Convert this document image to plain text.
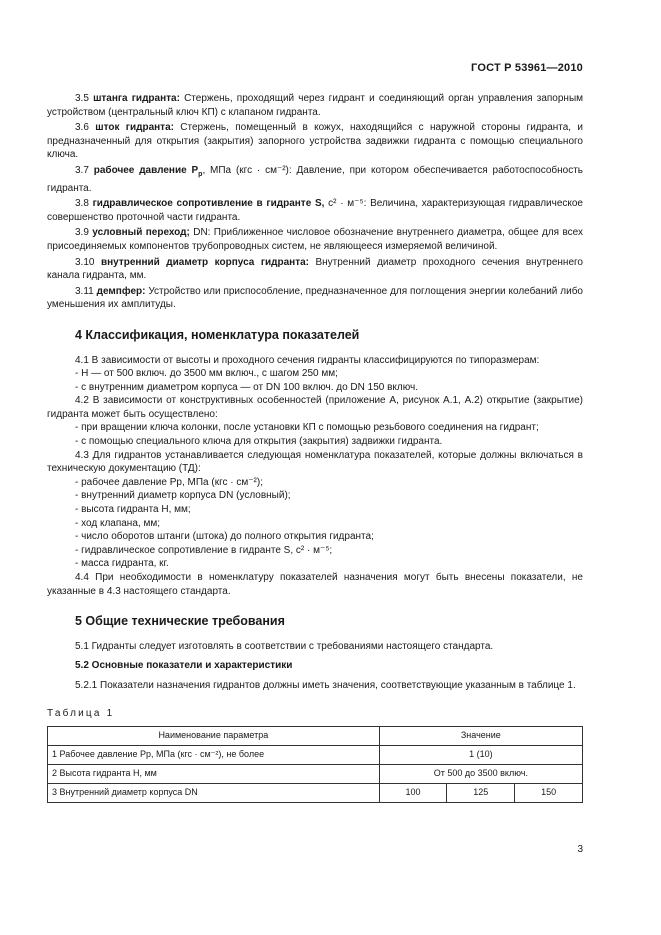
ГОСТ Р 53961—2010

3.5 штанга гидранта: Стержень, проходящий через гидрант и соединяющий орган управления запорным устройством (центральный ключ КП) с клапаном гидранта.

3.6 шток гидранта: Стержень, помещенный в кожух, находящийся с наружной стороны гидранта, и предназначенный для открытия (закрытия) запорного устройства задвижки гидранта с помощью специального ключа.

3.7 рабочее давление $P_р$, МПа (кгс · см⁻²): Давление, при котором обеспечивается работоспособность гидранта.

3.8 гидравлическое сопротивление в гидранте S, с² · м⁻⁵: Величина, характеризующая гидравлическое совершенство проточной части гидранта.

3.9 условный переход; DN: Приближенное числовое обозначение внутреннего диаметра, общее для всех присоединяемых компонентов трубопроводных систем, не являющееся измеряемой величиной.

3.10 внутренний диаметр корпуса гидранта: Внутренний диаметр проходного сечения внутреннего канала гидранта, мм.

3.11 демпфер: Устройство или приспособление, предназначенное для поглощения энергии колебаний либо уменьшения их амплитуды.

4 Классификация, номенклатура показателей

4.1 В зависимости от высоты и проходного сечения гидранты классифицируются по типоразмерам:

- Н — от 500 включ. до 3500 мм включ., с шагом 250 мм;

- с внутренним диаметром корпуса — от DN 100 включ. до DN 150 включ.

4.2 В зависимости от конструктивных особенностей (приложение А, рисунок А.1, А.2) открытие (закрытие) гидранта может быть осуществлено:

- при вращении ключа колонки, после установки КП с помощью резьбового соединения на гидрант;

- с помощью специального ключа для открытия (закрытия) задвижки гидранта.

4.3 Для гидрантов устанавливается следующая номенклатура показателей, которые должны включаться в техническую документацию (ТД):

- рабочее давление Pр, МПа (кгс · см⁻²);

- внутренний диаметр корпуса DN (условный);

- высота гидранта Н, мм;

- ход клапана, мм;

- число оборотов штанги (штока) до полного открытия гидранта;

- гидравлическое сопротивление в гидранте S, с² · м⁻⁵;

- масса гидранта, кг.

4.4 При необходимости в номенклатуру показателей назначения могут быть внесены показатели, не указанные в 4.3 настоящего стандарта.

5 Общие технические требования

5.1 Гидранты следует изготовлять в соответствии с требованиями настоящего стандарта.

5.2 Основные показатели и характеристики

5.2.1 Показатели назначения гидрантов должны иметь значения, соответствующие указанным в таблице 1.

Таблица 1
Наименование параметра	Значение		
1 Рабочее давление Pр, МПа (кгс · см⁻²), не более	1 (10)		
2 Высота гидранта Н, мм	От 500 до 3500 включ.		
3 Внутренний диаметр корпуса DN	100	125	150
3
